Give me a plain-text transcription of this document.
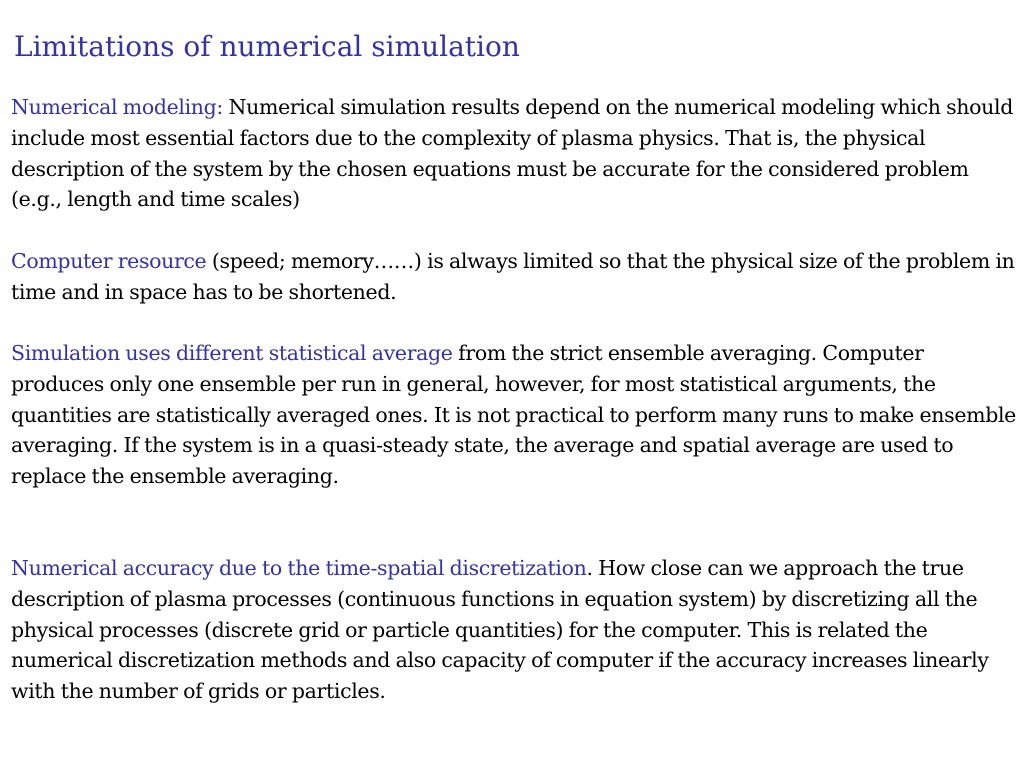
Limitations of numerical simulation

Numerical modeling: Numerical simulation results depend on the numerical modeling which should include most essential factors due to the complexity of plasma physics. That is, the physical description of the system by the chosen equations must be accurate for the considered problem (e.g., length and time scales)

Computer resource (speed; memory……) is always limited so that the physical size of the problem in time and in space has to be shortened.

Simulation uses different statistical average from the strict ensemble averaging. Computer produces only one ensemble per run in general, however, for most statistical arguments, the quantities are statistically averaged ones. It is not practical to perform many runs to make ensemble averaging. If the system is in a quasi-steady state, the average and spatial average are used to replace the ensemble averaging.

Numerical accuracy due to the time-spatial discretization. How close can we approach the true description of plasma processes (continuous functions in equation system) by discretizing all the physical processes (discrete grid or particle quantities) for the computer. This is related the numerical discretization methods and also capacity of computer if the accuracy increases linearly with the number of grids or particles.
